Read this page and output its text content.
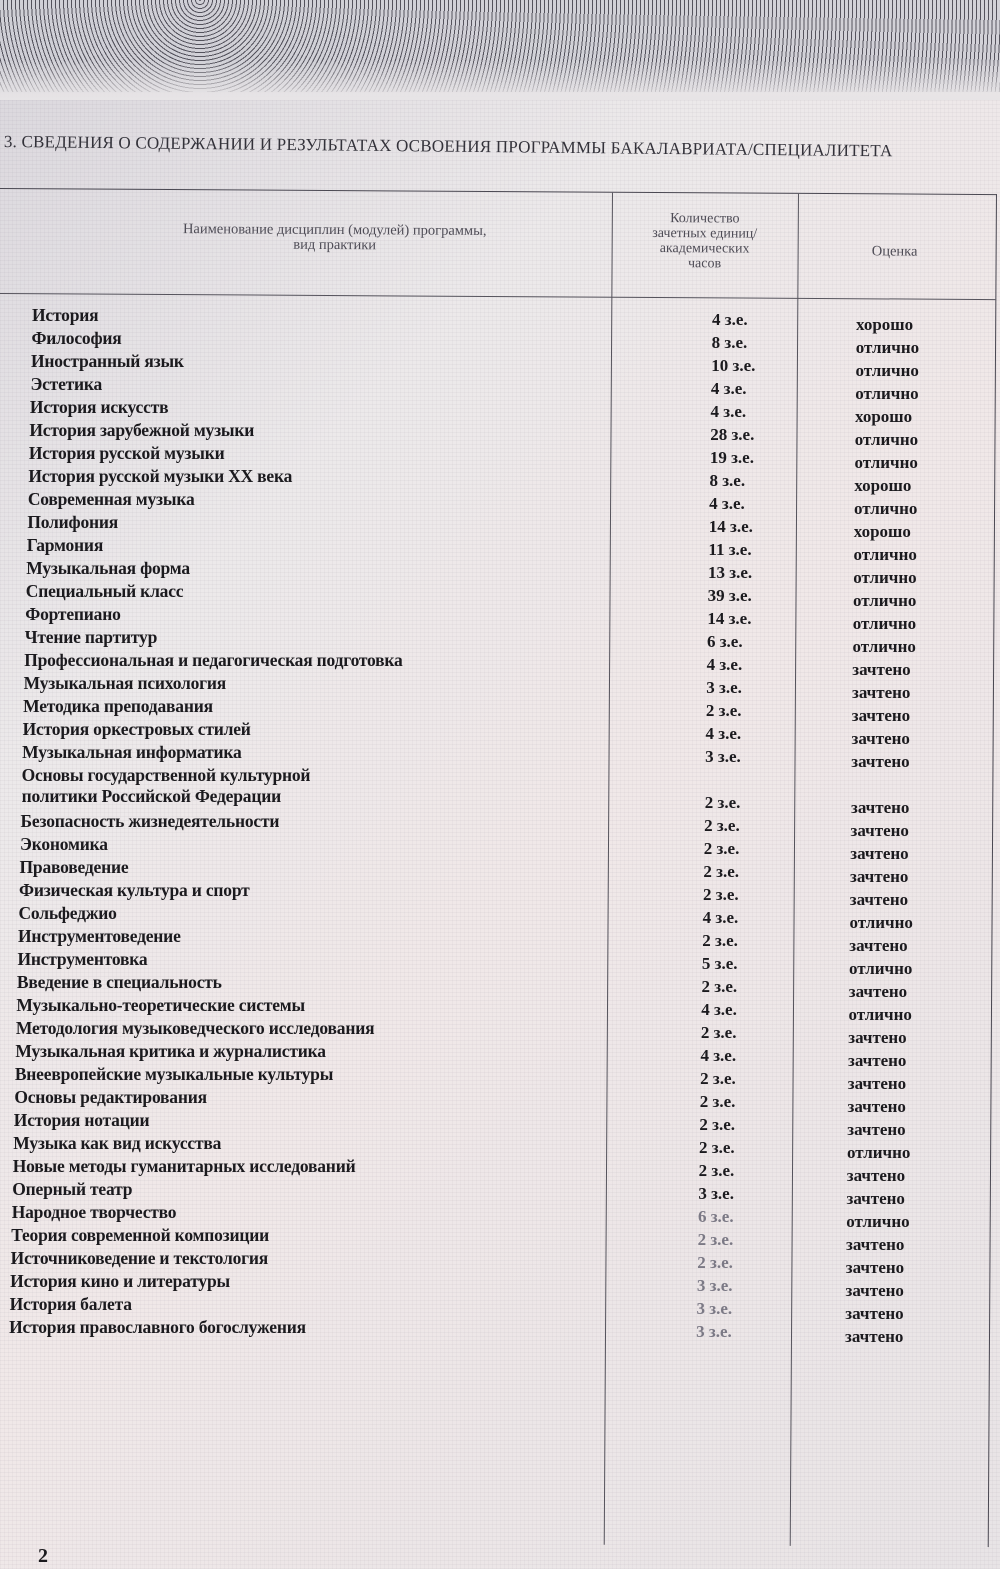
3. СВЕДЕНИЯ О СОДЕРЖАНИИ И РЕЗУЛЬТАТАХ ОСВОЕНИЯ ПРОГРАММЫ БАКАЛАВРИАТА/СПЕЦИАЛИТЕТА
Наименование дисциплин (модулей) программы,
вид практики
Количество
зачетных единиц/
академических
часов
Оценка
История	4 з.е.	хорошо
Философия	8 з.е.	отлично
Иностранный язык	10 з.е.	отлично
Эстетика	4 з.е.	отлично
История искусств	4 з.е.	хорошо
История зарубежной музыки	28 з.е.	отлично
История русской музыки	19 з.е.	отлично
История русской музыки XX века	8 з.е.	хорошо
Современная музыка	4 з.е.	отлично
Полифония	14 з.е.	хорошо
Гармония	11 з.е.	отлично
Музыкальная форма	13 з.е.	отлично
Специальный класс	39 з.е.	отлично
Фортепиано	14 з.е.	отлично
Чтение партитур	6 з.е.	отлично
Профессиональная и педагогическая подготовка	4 з.е.	зачтено
Музыкальная психология	3 з.е.	зачтено
Методика преподавания	2 з.е.	зачтено
История оркестровых стилей	4 з.е.	зачтено
Музыкальная информатика	3 з.е.	зачтено
Основы государственной культурной
политики Российской Федерации	2 з.е.	зачтено
Безопасность жизнедеятельности	2 з.е.	зачтено
Экономика	2 з.е.	зачтено
Правоведение	2 з.е.	зачтено
Физическая культура и спорт	2 з.е.	зачтено
Сольфеджио	4 з.е.	отлично
Инструментоведение	2 з.е.	зачтено
Инструментовка	5 з.е.	отлично
Введение в специальность	2 з.е.	зачтено
Музыкально-теоретические системы	4 з.е.	отлично
Методология музыковедческого исследования	2 з.е.	зачтено
Музыкальная критика и журналистика	4 з.е.	зачтено
Внеевропейские музыкальные культуры	2 з.е.	зачтено
Основы редактирования	2 з.е.	зачтено
История нотации	2 з.е.	зачтено
Музыка как вид искусства	2 з.е.	отлично
Новые методы гуманитарных исследований	2 з.е.	зачтено
Оперный театр	3 з.е.	зачтено
Народное творчество	6 з.е.	отлично
Теория современной композиции	2 з.е.	зачтено
Источниковедение и текстология	2 з.е.	зачтено
История кино и литературы	3 з.е.	зачтено
История балета	3 з.е.	зачтено
История православного богослужения	3 з.е.	зачтено
2
